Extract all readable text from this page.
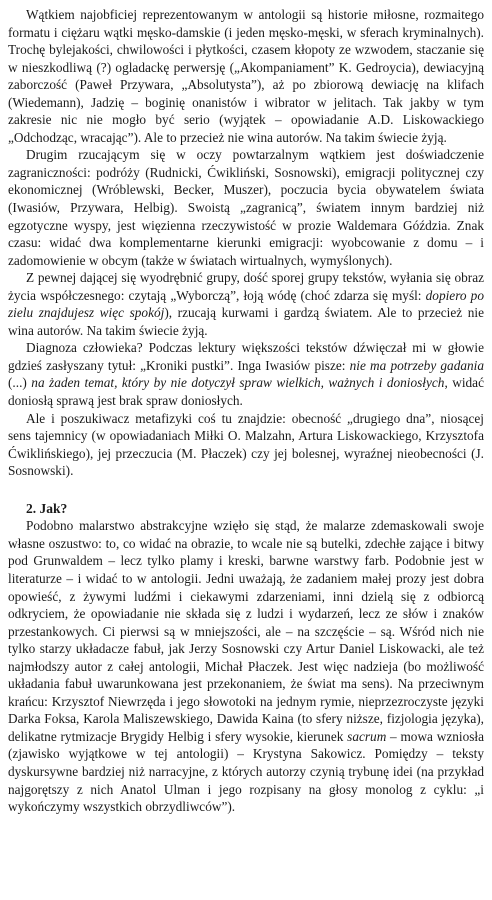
Wątkiem najobficiej reprezentowanym w antologii są historie miłosne, rozmaitego formatu i ciężaru wątki męsko-damskie (i jeden męsko-męski, w sferach kryminalnych). Trochę bylejakości, chwilowości i płytkości, czasem kłopoty ze wzwodem, staczanie się w nieszkodliwą (?) ogladackę perwersję („Akompaniament” K. Gedroycia), dewiacyjną zaborczość (Paweł Przywara, „Absolutysta”), aż po zbiorową dewiację na klifach (Wiedemann), Jadzię – boginię onanistów i wibrator w jelitach. Tak jakby w tym zakresie nic nie mogło być serio (wyjątek – opowiadanie A.D. Liskowackiego „Odchodząc, wracając”). Ale to przecież nie wina autorów. Na takim świecie żyją.

Drugim rzucającym się w oczy powtarzalnym wątkiem jest doświadczenie zagraniczności: podróży (Rudnicki, Ćwikliński, Sosnowski), emigracji politycznej czy ekonomicznej (Wróblewski, Becker, Muszer), poczucia bycia obywatelem świata (Iwasiów, Przywara, Helbig). Swoistą „zagranicą”, światem innym bardziej niż egzotyczne wyspy, jest więzienna rzeczywistość w prozie Waldemara Góździa. Znak czasu: widać dwa komplementarne kierunki emigracji: wyobcowanie z domu – i zadomowienie w obcym (także w światach wirtualnych, wymyślonych).

Z pewnej dającej się wyodrębnić grupy, dość sporej grupy tekstów, wyłania się obraz życia współczesnego: czytają „Wyborczą”, łoją wódę (choć zdarza się myśl: dopiero po zielu znajdujesz więc spokój), rzucają kurwami i gardzą światem. Ale to przecież nie wina autorów. Na takim świecie żyją.

Diagnoza człowieka? Podczas lektury większości tekstów dźwięczał mi w głowie gdzieś zasłyszany tytuł: „Kroniki pustki”. Inga Iwasiów pisze: nie ma potrzeby gadania (...) na żaden temat, który by nie dotyczył spraw wielkich, ważnych i doniosłych, widać doniosłą sprawą jest brak spraw doniosłych.

Ale i poszukiwacz metafizyki coś tu znajdzie: obecność „drugiego dna”, niosącej sens tajemnicy (w opowiadaniach Miłki O. Malzahn, Artura Liskowackiego, Krzysztofa Ćwiklińskiego), jej przeczucia (M. Płaczek) czy jej bolesnej, wyraźnej nieobecności (J. Sosnowski).

2. Jak?

Podobno malarstwo abstrakcyjne wzięło się stąd, że malarze zdemaskowali swoje własne oszustwo: to, co widać na obrazie, to wcale nie są butelki, zdechłe zające i bitwy pod Grunwaldem – lecz tylko plamy i kreski, barwne warstwy farb. Podobnie jest w literaturze – i widać to w antologii. Jedni uważają, że zadaniem małej prozy jest dobra opowieść, z żywymi ludźmi i ciekawymi zdarzeniami, inni dzielą się z odbiorcą odkryciem, że opowiadanie nie składa się z ludzi i wydarzeń, lecz ze słów i znaków przestankowych. Ci pierwsi są w mniejszości, ale – na szczęście – są. Wśród nich nie tylko starzy układacze fabuł, jak Jerzy Sosnowski czy Artur Daniel Liskowacki, ale też najmłodszy autor z całej antologii, Michał Płaczek. Jest więc nadzieja (bo możliwość układania fabuł uwarunkowana jest przekonaniem, że świat ma sens). Na przeciwnym krańcu: Krzysztof Niewrzęda i jego słowotoki na jednym rymie, nieprzezroczyste języki Darka Foksa, Karola Maliszewskiego, Dawida Kaina (to sfery niższe, fizjologia języka), delikatne rytmizacje Brygidy Helbig i sfery wysokie, kierunek sacrum – mowa wzniosła (zjawisko wyjątkowe w tej antologii) – Krystyna Sakowicz. Pomiędzy – teksty dyskursywne bardziej niż narracyjne, z których autorzy czynią trybunę idei (na przykład najgorętszy z nich Anatol Ulman i jego rozpisany na głosy monolog z cyklu: „i wykończymy wszystkich obrzydliwców”).
